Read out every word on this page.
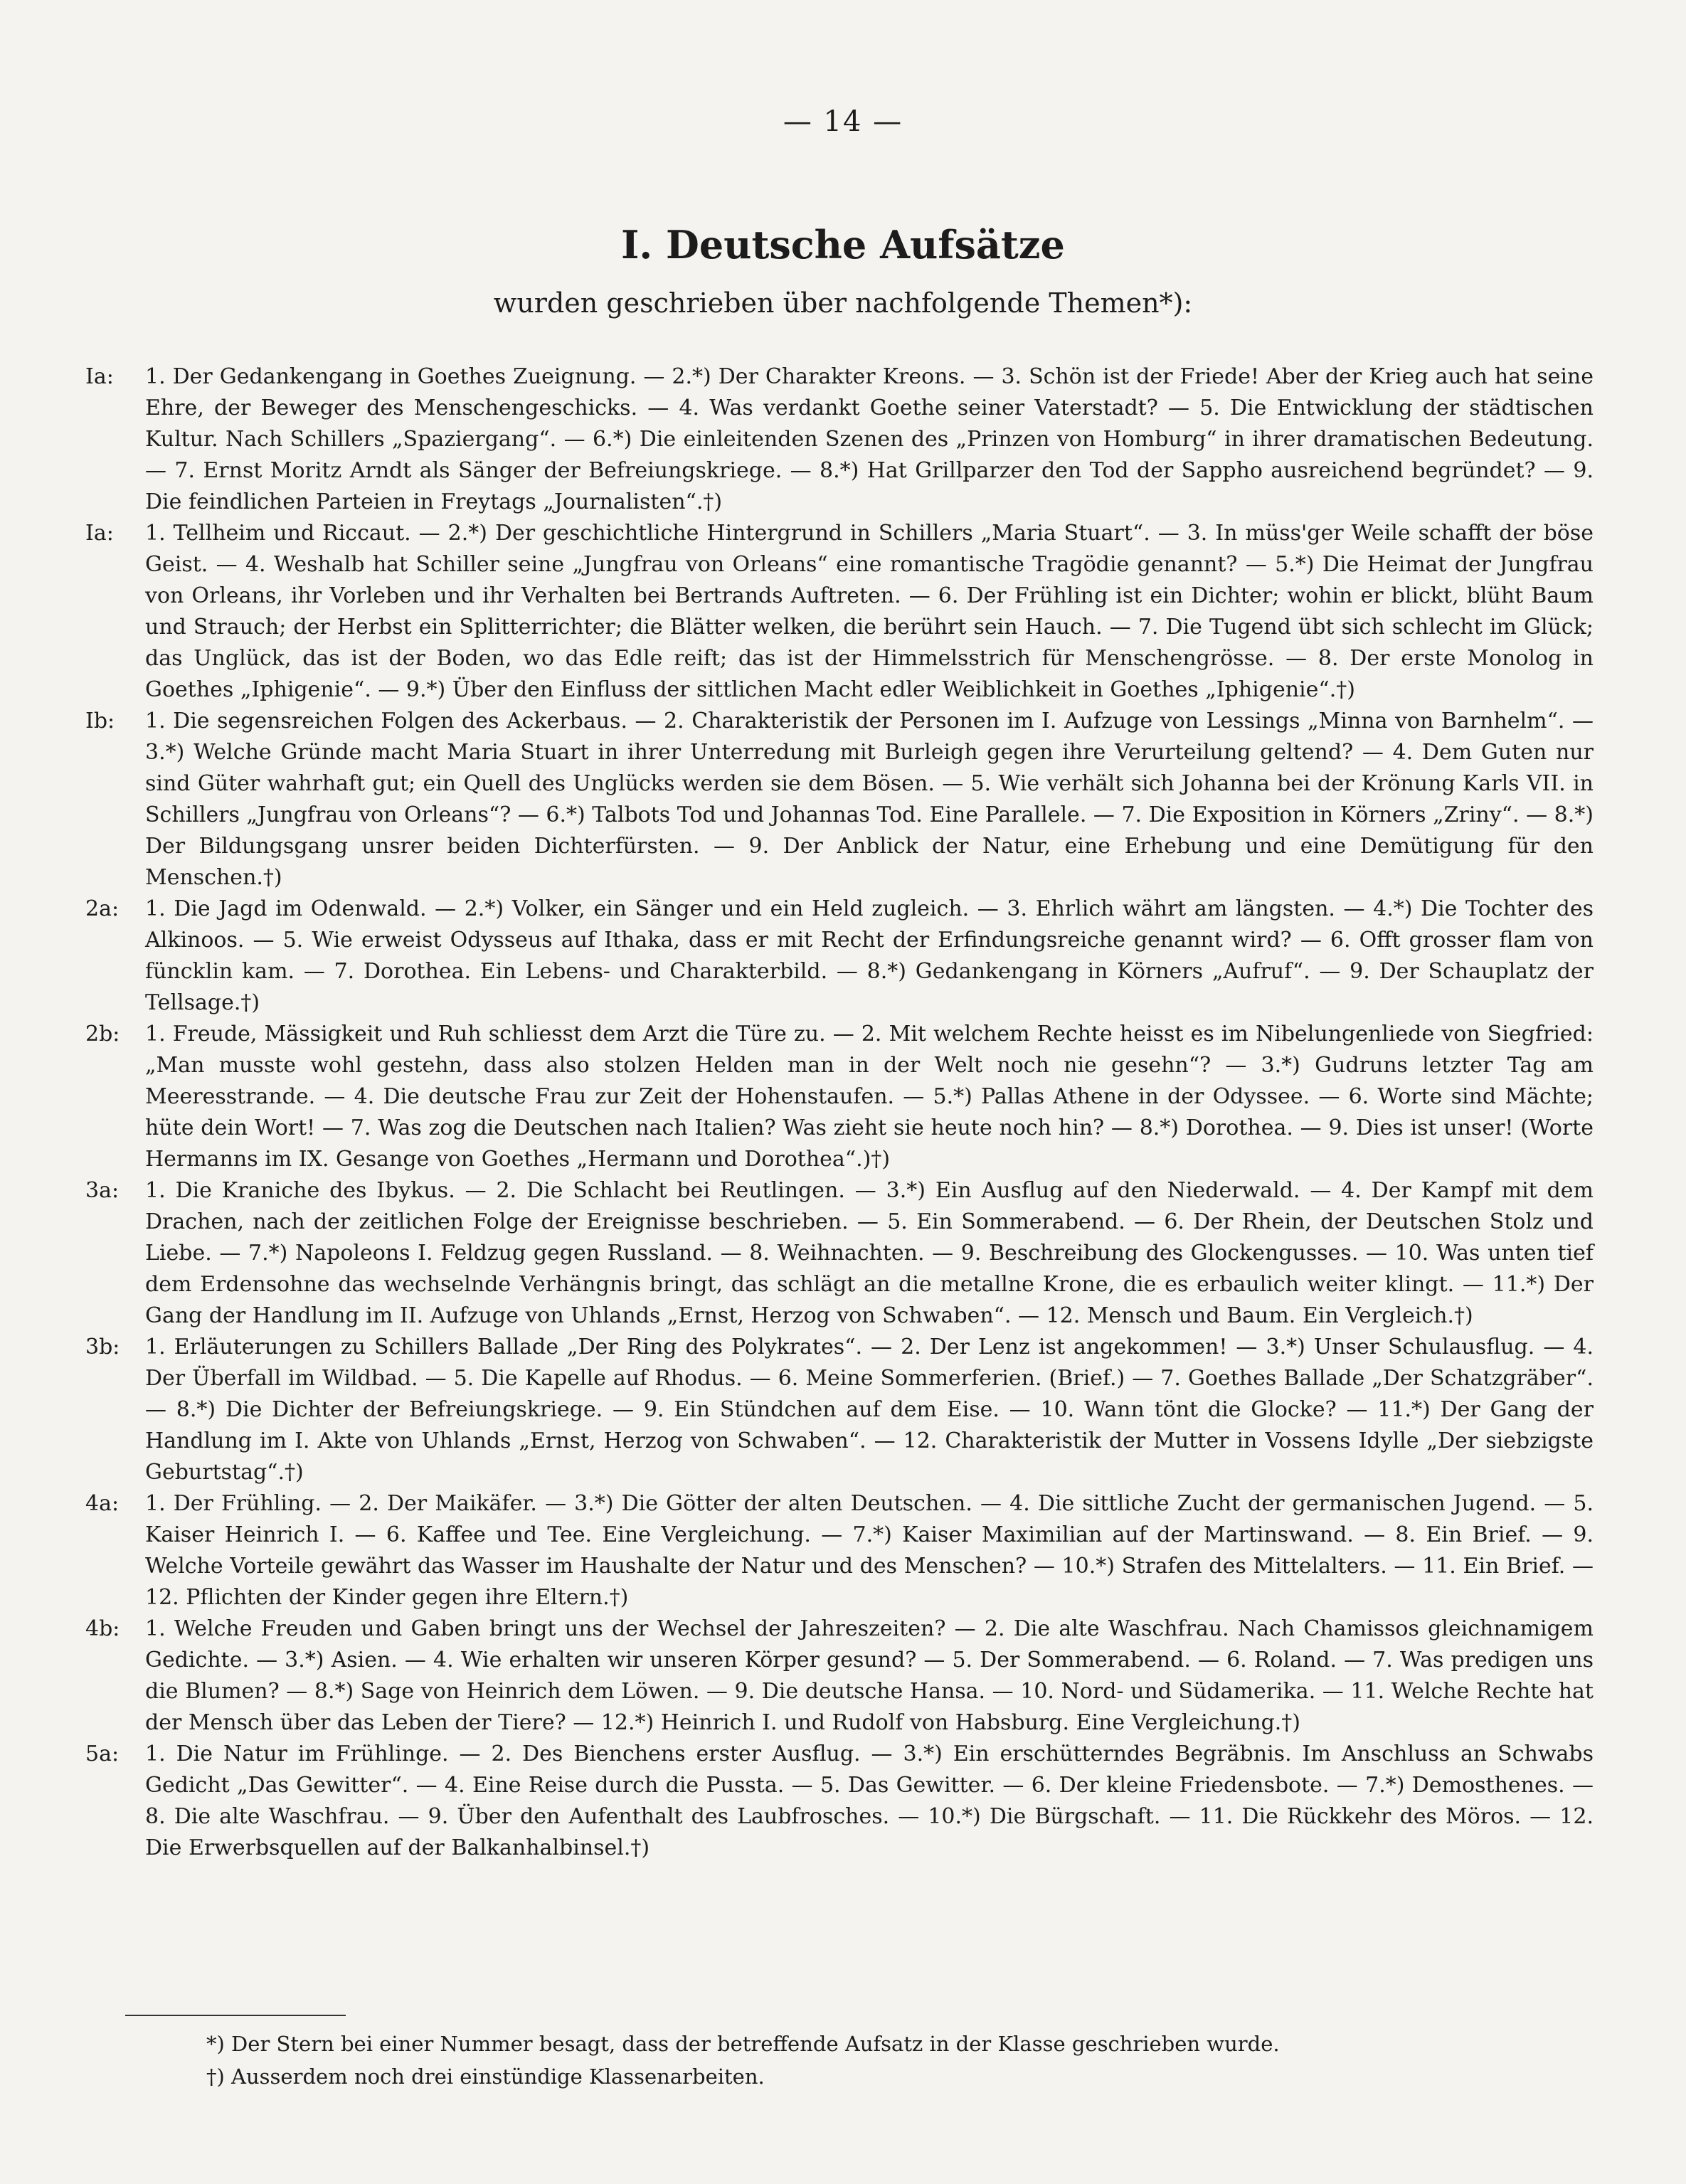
— 14 —
I. Deutsche Aufsätze
wurden geschrieben über nachfolgende Themen*):
Ia:	1. Der Gedankengang in Goethes Zueignung. — 2.*) Der Charakter Kreons. — 3. Schön ist der Friede! Aber der Krieg auch hat seine Ehre, der Beweger des Menschengeschicks. — 4. Was verdankt Goethe seiner Vaterstadt? — 5. Die Entwicklung der städtischen Kultur. Nach Schillers „Spaziergang“. — 6.*) Die einleitenden Szenen des „Prinzen von Homburg“ in ihrer dramatischen Bedeutung. — 7. Ernst Moritz Arndt als Sänger der Befreiungskriege. — 8.*) Hat Grillparzer den Tod der Sappho ausreichend begründet? — 9. Die feindlichen Parteien in Freytags „Journalisten“.†)

Ia:	1. Tellheim und Riccaut. — 2.*) Der geschichtliche Hintergrund in Schillers „Maria Stuart“. — 3. In müss'ger Weile schafft der böse Geist. — 4. Weshalb hat Schiller seine „Jungfrau von Orleans“ eine romantische Tragödie genannt? — 5.*) Die Heimat der Jungfrau von Orleans, ihr Vorleben und ihr Verhalten bei Bertrands Auftreten. — 6. Der Frühling ist ein Dichter; wohin er blickt, blüht Baum und Strauch; der Herbst ein Splitterrichter; die Blätter welken, die berührt sein Hauch. — 7. Die Tugend übt sich schlecht im Glück; das Unglück, das ist der Boden, wo das Edle reift; das ist der Himmelsstrich für Menschengrösse. — 8. Der erste Monolog in Goethes „Iphigenie“. — 9.*) Über den Einfluss der sittlichen Macht edler Weiblichkeit in Goethes „Iphigenie“.†)

Ib:	1. Die segensreichen Folgen des Ackerbaus. — 2. Charakteristik der Personen im I. Aufzuge von Lessings „Minna von Barnhelm“. — 3.*) Welche Gründe macht Maria Stuart in ihrer Unterredung mit Burleigh gegen ihre Verurteilung geltend? — 4. Dem Guten nur sind Güter wahrhaft gut; ein Quell des Unglücks werden sie dem Bösen. — 5. Wie verhält sich Johanna bei der Krönung Karls VII. in Schillers „Jungfrau von Orleans“? — 6.*) Talbots Tod und Johannas Tod. Eine Parallele. — 7. Die Exposition in Körners „Zriny“. — 8.*) Der Bildungsgang unsrer beiden Dichterfürsten. — 9. Der Anblick der Natur, eine Erhebung und eine Demütigung für den Menschen.†)

2a:	1. Die Jagd im Odenwald. — 2.*) Volker, ein Sänger und ein Held zugleich. — 3. Ehrlich währt am längsten. — 4.*) Die Tochter des Alkinoos. — 5. Wie erweist Odysseus auf Ithaka, dass er mit Recht der Erfindungsreiche genannt wird? — 6. Offt grosser flam von füncklin kam. — 7. Dorothea. Ein Lebens- und Charakterbild. — 8.*) Gedankengang in Körners „Aufruf“. — 9. Der Schauplatz der Tellsage.†)

2b:	1. Freude, Mässigkeit und Ruh schliesst dem Arzt die Türe zu. — 2. Mit welchem Rechte heisst es im Nibelungenliede von Siegfried: „Man musste wohl gestehn, dass also stolzen Helden man in der Welt noch nie gesehn“? — 3.*) Gudruns letzter Tag am Meeresstrande. — 4. Die deutsche Frau zur Zeit der Hohenstaufen. — 5.*) Pallas Athene in der Odyssee. — 6. Worte sind Mächte; hüte dein Wort! — 7. Was zog die Deutschen nach Italien? Was zieht sie heute noch hin? — 8.*) Dorothea. — 9. Dies ist unser! (Worte Hermanns im IX. Gesange von Goethes „Hermann und Dorothea“.)†)

3a:	1. Die Kraniche des Ibykus. — 2. Die Schlacht bei Reutlingen. — 3.*) Ein Ausflug auf den Niederwald. — 4. Der Kampf mit dem Drachen, nach der zeitlichen Folge der Ereignisse beschrieben. — 5. Ein Sommerabend. — 6. Der Rhein, der Deutschen Stolz und Liebe. — 7.*) Napoleons I. Feldzug gegen Russland. — 8. Weihnachten. — 9. Beschreibung des Glockengusses. — 10. Was unten tief dem Erdensohne das wechselnde Verhängnis bringt, das schlägt an die metallne Krone, die es erbaulich weiter klingt. — 11.*) Der Gang der Handlung im II. Aufzuge von Uhlands „Ernst, Herzog von Schwaben“. — 12. Mensch und Baum. Ein Vergleich.†)

3b:	1. Erläuterungen zu Schillers Ballade „Der Ring des Polykrates“. — 2. Der Lenz ist angekommen! — 3.*) Unser Schulausflug. — 4. Der Überfall im Wildbad. — 5. Die Kapelle auf Rhodus. — 6. Meine Sommerferien. (Brief.) — 7. Goethes Ballade „Der Schatzgräber“. — 8.*) Die Dichter der Befreiungskriege. — 9. Ein Stündchen auf dem Eise. — 10. Wann tönt die Glocke? — 11.*) Der Gang der Handlung im I. Akte von Uhlands „Ernst, Herzog von Schwaben“. — 12. Charakteristik der Mutter in Vossens Idylle „Der siebzigste Geburtstag“.†)

4a:	1. Der Frühling. — 2. Der Maikäfer. — 3.*) Die Götter der alten Deutschen. — 4. Die sittliche Zucht der germanischen Jugend. — 5. Kaiser Heinrich I. — 6. Kaffee und Tee. Eine Vergleichung. — 7.*) Kaiser Maximilian auf der Martinswand. — 8. Ein Brief. — 9. Welche Vorteile gewährt das Wasser im Haushalte der Natur und des Menschen? — 10.*) Strafen des Mittelalters. — 11. Ein Brief. — 12. Pflichten der Kinder gegen ihre Eltern.†)

4b:	1. Welche Freuden und Gaben bringt uns der Wechsel der Jahreszeiten? — 2. Die alte Waschfrau. Nach Chamissos gleichnamigem Gedichte. — 3.*) Asien. — 4. Wie erhalten wir unseren Körper gesund? — 5. Der Sommerabend. — 6. Roland. — 7. Was predigen uns die Blumen? — 8.*) Sage von Heinrich dem Löwen. — 9. Die deutsche Hansa. — 10. Nord- und Südamerika. — 11. Welche Rechte hat der Mensch über das Leben der Tiere? — 12.*) Heinrich I. und Rudolf von Habsburg. Eine Vergleichung.†)

5a:	1. Die Natur im Frühlinge. — 2. Des Bienchens erster Ausflug. — 3.*) Ein erschütterndes Begräbnis. Im Anschluss an Schwabs Gedicht „Das Gewitter“. — 4. Eine Reise durch die Pussta. — 5. Das Gewitter. — 6. Der kleine Friedensbote. — 7.*) Demosthenes. — 8. Die alte Waschfrau. — 9. Über den Aufenthalt des Laubfrosches. — 10.*) Die Bürgschaft. — 11. Die Rückkehr des Möros. — 12. Die Erwerbsquellen auf der Balkanhalbinsel.†)

*) Der Stern bei einer Nummer besagt, dass der betreffende Aufsatz in der Klasse geschrieben wurde.
†) Ausserdem noch drei einstündige Klassenarbeiten.
